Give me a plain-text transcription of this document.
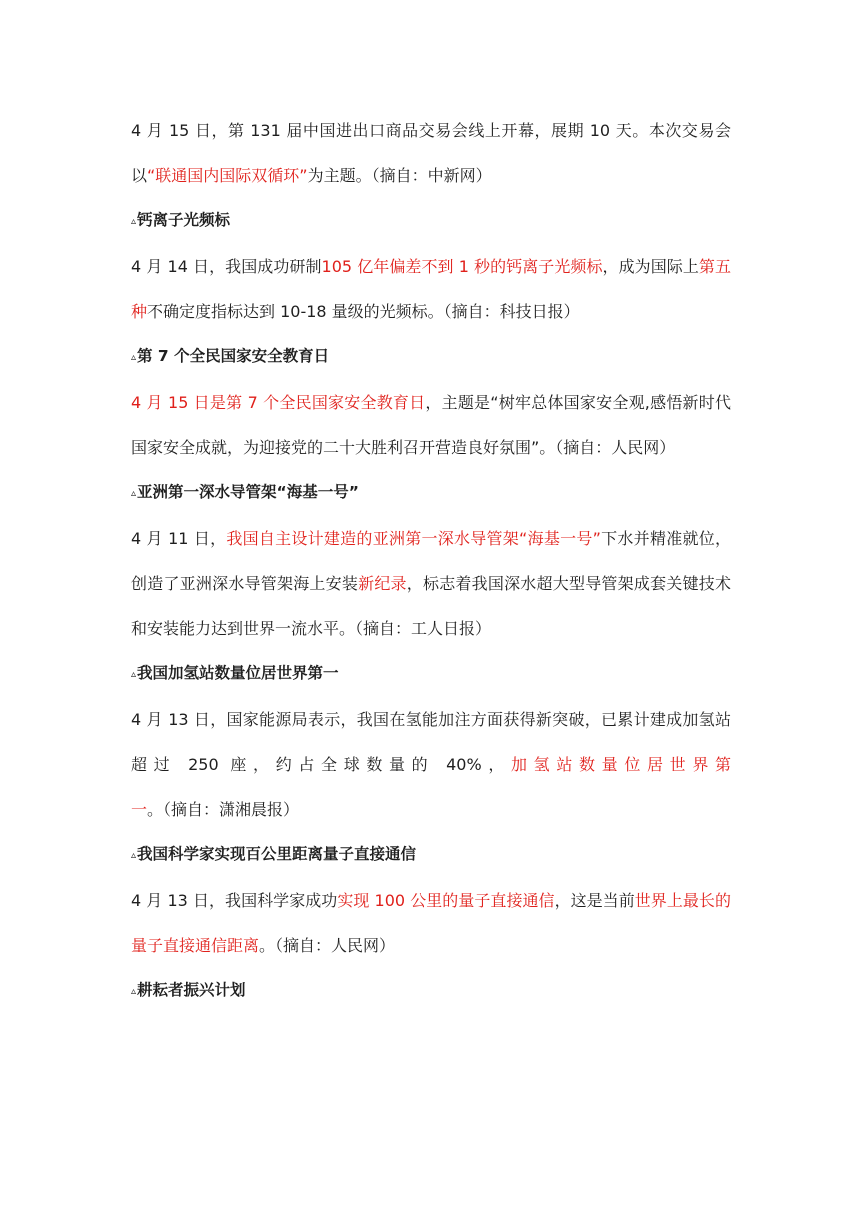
4 月 15 日，第 131 届中国进出口商品交易会线上开幕，展期 10 天。本次交易会以“联通国内国际双循环”为主题。（摘自：中新网）

▵钙离子光频标

4 月 14 日，我国成功研制105 亿年偏差不到 1 秒的钙离子光频标，成为国际上第五种不确定度指标达到 10-18 量级的光频标。（摘自：科技日报）

▵第 7 个全民国家安全教育日

4 月 15 日是第 7 个全民国家安全教育日，主题是“树牢总体国家安全观,感悟新时代国家安全成就，为迎接党的二十大胜利召开营造良好氛围”。（摘自：人民网）

▵亚洲第一深水导管架“海基一号”

4 月 11 日，我国自主设计建造的亚洲第一深水导管架“海基一号”下水并精准就位，创造了亚洲深水导管架海上安装新纪录，标志着我国深水超大型导管架成套关键技术和安装能力达到世界一流水平。（摘自：工人日报）

▵我国加氢站数量位居世界第一

4 月 13 日，国家能源局表示，我国在氢能加注方面获得新突破，已累计建成加氢站超过 250 座，约占全球数量的 40%，加氢站数量位居世界第一。（摘自：潇湘晨报）

▵我国科学家实现百公里距离量子直接通信

4 月 13 日，我国科学家成功实现 100 公里的量子直接通信，这是当前世界上最长的量子直接通信距离。（摘自：人民网）

▵耕耘者振兴计划
